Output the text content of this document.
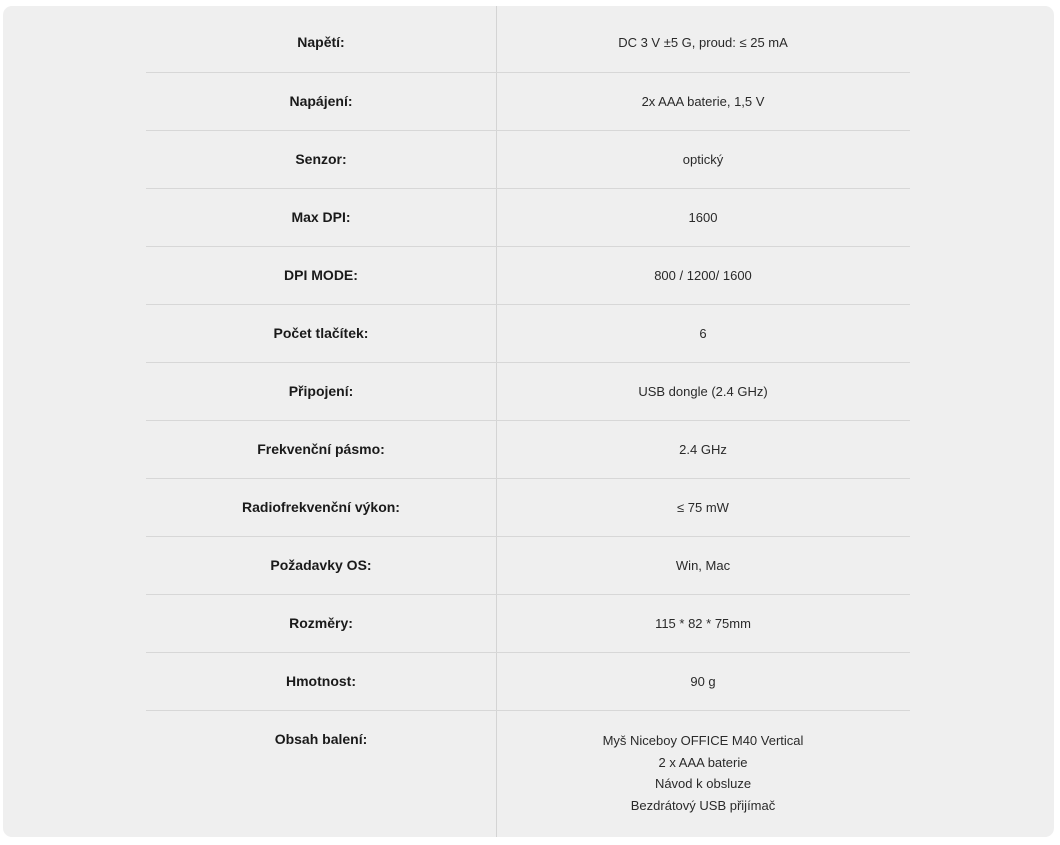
Napětí:	DC 3 V ±5 G, proud: ≤ 25 mA
Napájení:	2x AAA baterie, 1,5 V
Senzor:	optický
Max DPI:	1600
DPI MODE:	800 / 1200/ 1600
Počet tlačítek:	6
Připojení:	USB dongle (2.4 GHz)
Frekvenční pásmo:	2.4 GHz
Radiofrekvenční výkon:	≤ 75 mW
Požadavky OS:	Win, Mac
Rozměry:	115 * 82 * 75mm
Hmotnost:	90 g
Obsah balení:	Myš Niceboy OFFICE M40 Vertical
2 x AAA baterie
Návod k obsluze
Bezdrátový USB přijímač
